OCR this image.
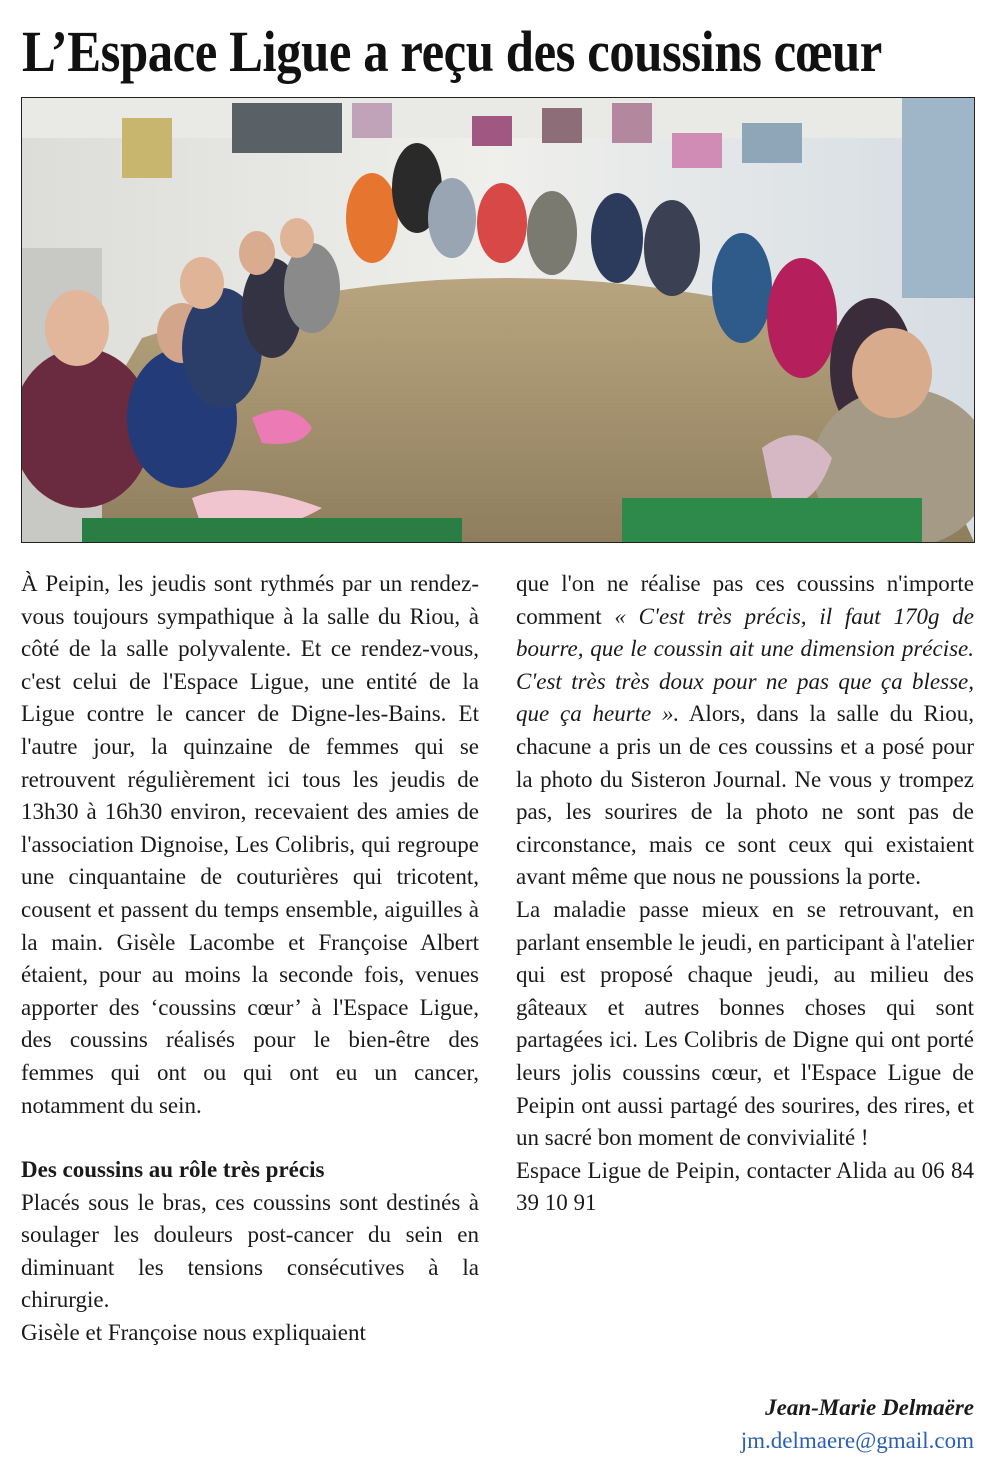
L’Espace Ligue a reçu des coussins cœur

À Peipin, les jeudis sont rythmés par un rendez-vous toujours sympathique à la salle du Riou, à côté de la salle polyvalente. Et ce rendez-vous, c'est celui de l'Espace Ligue, une entité de la Ligue contre le cancer de Digne-les-Bains. Et l'autre jour, la quinzaine de femmes qui se retrouvent régulièrement ici tous les jeudis de 13h30 à 16h30 environ, recevaient des amies de l'association Dignoise, Les Colibris, qui regroupe une cinquantaine de couturières qui tricotent, cousent et passent du temps ensemble, aiguilles à la main. Gisèle Lacombe et Françoise Albert étaient, pour au moins la seconde fois, venues apporter des ‘coussins cœur’ à l'Espace Ligue, des coussins réalisés pour le bien-être des femmes qui ont ou qui ont eu un cancer, notamment du sein.

Des coussins au rôle très précis

Placés sous le bras, ces coussins sont destinés à soulager les douleurs post-cancer du sein en diminuant les tensions consécutives à la chirurgie.

Gisèle et Françoise nous expliquaient

que l'on ne réalise pas ces coussins n'importe comment « C'est très précis, il faut 170g de bourre, que le coussin ait une dimension précise. C'est très très doux pour ne pas que ça blesse, que ça heurte ». Alors, dans la salle du Riou, chacune a pris un de ces coussins et a posé pour la photo du Sisteron Journal. Ne vous y trompez pas, les sourires de la photo ne sont pas de circonstance, mais ce sont ceux qui existaient avant même que nous ne poussions la porte.

La maladie passe mieux en se retrouvant, en parlant ensemble le jeudi, en participant à l'atelier qui est proposé chaque jeudi, au milieu des gâteaux et autres bonnes choses qui sont partagées ici. Les Colibris de Digne qui ont porté leurs jolis coussins cœur, et l'Espace Ligue de Peipin ont aussi partagé des sourires, des rires, et un sacré bon moment de convivialité !

Espace Ligue de Peipin, contacter Alida au 06 84 39 10 91

Jean-Marie Delmaëre
jm.delmaere@gmail.com
